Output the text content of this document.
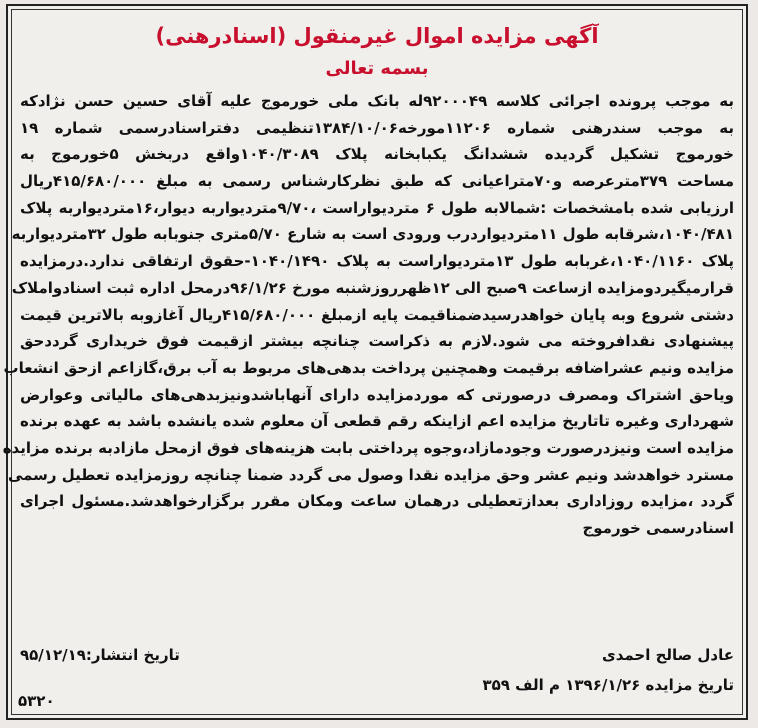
آگهی مزایده اموال غیرمنقول (اسنادرهنی)
بسمه تعالی
به موجب پرونده اجرائی کلاسه ۹۲۰۰۰۴۹له بانک ملی خورموج علیه آقای حسین حسن نژادکه
به موجب سندرهنی شماره ۱۱۲۰۶مورخه۱۳۸۴/۱۰/۰۶تنظیمی دفتراسنادرسمی شماره ۱۹
خورموج تشکیل گردیده ششدانگ یکبابخانه پلاک ۱۰۴۰/۳۰۸۹واقع دربخش ۵خورموج به
مساحت ۳۷۹مترعرصه و۷۰متراعیانی که طبق نظرکارشناس رسمی به مبلغ ۴۱۵/۶۸۰/۰۰۰ریال
ارزیابی شده بامشخصات :شمالابه طول ۶ متردیواراست ،۹/۷۰متردیواربه دیوار،۱۶متردیواربه پلاک
۱۰۴۰/۴۸۱،شرقابه طول ۱۱متردیواردرب ورودی است به شارع ۵/۷۰متری جنوبابه طول ۳۲متردیواربه
پلاک ۱۰۴۰/۱۱۶۰،غربابه طول ۱۳متردیواراست به پلاک ۱۰۴۰/۱۴۹۰-حقوق ارتفاقی ندارد.درمزایده
قرارمیگیردومزایده ازساعت ۹صبح الی ۱۲ظهرروزشنبه مورخ ۹۶/۱/۲۶درمحل اداره ثبت اسنادواملاک
دشتی شروع وبه پایان خواهدرسیدضمناقیمت پایه ازمبلغ ۴۱۵/۶۸۰/۰۰۰ریال آغازوبه بالاترین قیمت
پیشنهادی نقدافروخته می شود.لازم به ذکراست چنانچه بیشتر ازقیمت فوق خریداری گرددحق
مزایده ونیم عشراضافه برقیمت وهمچنین پرداخت بدهی‌های مربوط به آب برق،گازاعم ازحق انشعاب
ویاحق اشتراک ومصرف درصورتی که موردمزایده دارای آنهاباشدونیزبدهی‌های مالیاتی وعوارض
شهرداری وغیره تاتاریخ مزایده اعم ازاینکه رقم قطعی آن معلوم شده یانشده باشد به عهده برنده
مزایده است ونیزدرصورت وجودمازاد،وجوه پرداختی بابت هزینه‌های فوق ازمحل مازادبه برنده مزایده
مسترد خواهدشد ونیم عشر وحق مزایده نقدا وصول می گردد ضمنا چنانچه روزمزایده تعطیل رسمی
گردد ،مزایده روزاداری بعدازتعطیلی درهمان ساعت ومکان مقرر برگزارخواهدشد.مسئول اجرای
اسنادرسمی خورموج
عادل صالح احمدی
تاریخ انتشار:۹۵/۱۲/۱۹
تاریخ مزایده ۱۳۹۶/۱/۲۶ م الف ۳۵۹
۵۳۲۰
